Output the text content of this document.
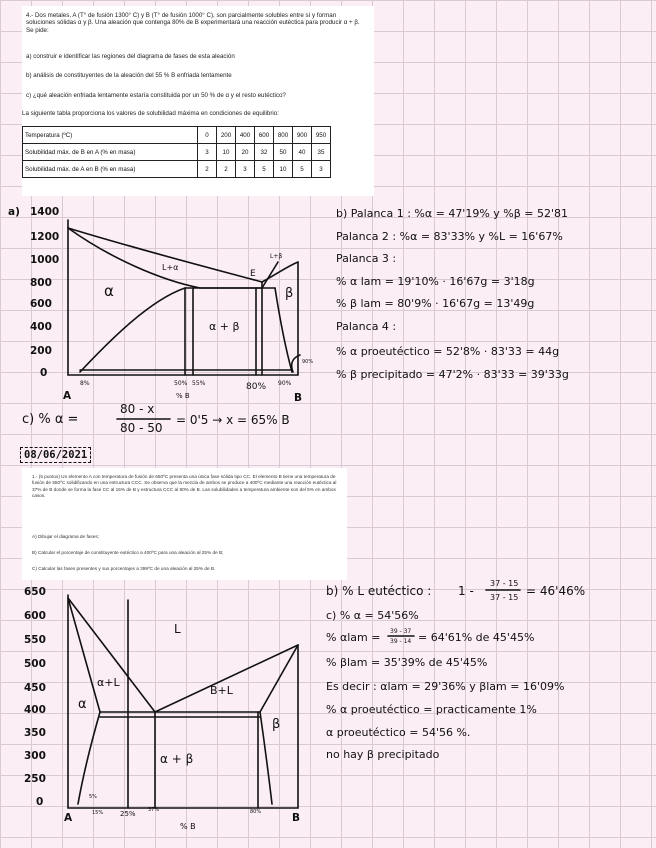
4.- Dos metales, A (T° de fusión 1300° C) y B (T° de fusión 1000° C), son parcialmente solubles entre sí y forman soluciones sólidas α y β. Una aleación que contenga 80% de B experimentará una reacción eutéctica para producir α + β. Se pide:
a) construir e identificar las regiones del diagrama de fases de esta aleación
b) análisis de constituyentes de la aleación del 55 % B enfriada lentamente
c) ¿qué aleación enfriada lentamente estaría constituida por un 50 % de α y el resto eutéctico?
La siguiente tabla proporciona los valores de solubilidad máxima en condiciones de equilibrio:
Temperatura (ºC)	0	200	400	600	800	900	950
Solubilidad máx. de B en A (% en masa)	3	10	20	32	50	40	35
Solubilidad máx. de A en B (% en masa)	2	2	3	5	10	5	3
a) 1400
1200
1000
800
600
400
200
0
α	β
L+α
L+β
α + β
E
A	B
% B
8%	50% 55%	80% 90%
90%
b) Palanca 1 : %α = 47'19% y %β = 52'81
Palanca 2 : %α = 83'33% y %L = 16'67%
Palanca 3 :
% α lam = 19'10% · 16'67g = 3'18g
% β lam = 80'9% · 16'67g = 13'49g
Palanca 4 :
% α proeutéctico = 52'8% · 83'33 = 44g
% β precipitado = 47'2% · 83'33 = 39'33g
c) % α =
80 - x
80 - 50
= 0'5 → x = 65% B
08/06/2021
1.- (5 puntos) Un elemento A con temperatura de fusión de 650ºC presenta una única fase sólida tipo CC. El elemento B tiene una temperatura de fusión de 550ºC solidificando en una estructura CCC. Se observa que la mezcla de ambos se produce a 400ºC mediante una reacción eutéctica al 37% de B donde se forma la fase CC al 15% de B y estructura CCC al 80% de B. Las solubilidades a temperatura ambiente son del 5% en ambos casos.
A) Dibujar el diagrama de fases;
B) Calcular el porcentaje de constituyente eutéctico a 400ºC para una aleación al 25% de B;
C) Calcular las fases presentes y sus porcentajes a 399ºC de una aleación al 25% de B.
650
600
550
500
450
400
350
300
250
0
L
α+L
B+L
α
β
α + β
A	B
% B
5%
15% 25% 37%	80%
b) % L eutéctico : 1 -
37 - 15
37 - 15 = 46'46%
c) % α = 54'56%
% αlam = 39 - 37
39 - 14 = 64'61% de 45'45%
% βlam = 35'39% de 45'45%
Es decir : αlam = 29'36% y βlam = 16'09%
% α proeutéctico = practicamente 1%
α proeutéctico = 54'56 %.
no hay β precipitado
